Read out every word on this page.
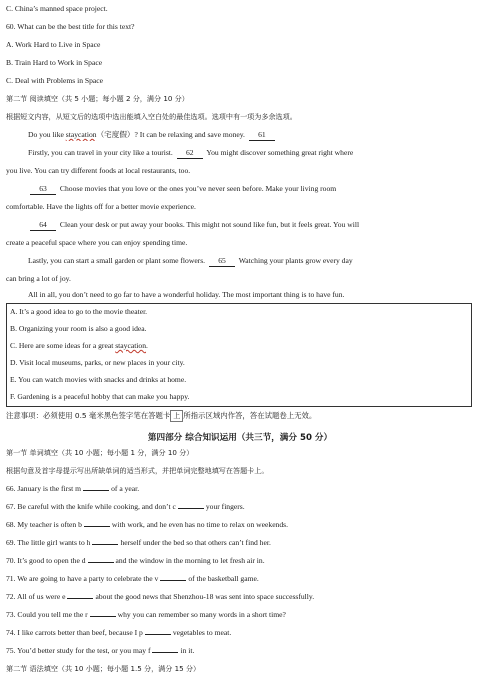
C. China’s manned space project.
60. What can be the best title for this text?
A. Work Hard to Live in Space
B. Train Hard to Work in Space
C. Deal with Problems in Space
第二节 阅读填空（共 5 小题；每小题 2 分，满分 10 分）
根据短文内容，从短文后的选项中选出能填入空白处的最佳选项。选项中有一项为多余选项。
Do you like staycation（宅度假）? It can be relaxing and save money. 61
Firstly, you can travel in your city like a tourist. 62 You might discover something great right where
you live. You can try different foods at local restaurants, too.
63 Choose movies that you love or the ones you’ve never seen before. Make your living room
comfortable. Have the lights off for a better movie experience.
64 Clean your desk or put away your books. This might not sound like fun, but it feels great. You will
create a peaceful space where you can enjoy spending time.
Lastly, you can start a small garden or plant some flowers. 65 Watching your plants grow every day
can bring a lot of joy.
All in all, you don’t need to go far to have a wonderful holiday. The most important thing is to have fun.
A. It’s a good idea to go to the movie theater.
B. Organizing your room is also a good idea.
C. Here are some ideas for a great staycation.
D. Visit local museums, parks, or new places in your city.
E. You can watch movies with snacks and drinks at home.
F. Gardening is a peaceful hobby that can make you happy.
注意事项：必须使用 0.5 毫米黑色签字笔在答题卡 上 所指示区域内作答，答在试题卷上无效。
第四部分 综合知识运用（共三节，满分 50 分）
第一节 单词填空（共 10 小题；每小题 1 分，满分 10 分）
根据句意及首字母提示写出所缺单词的适当形式，并把单词完整地填写在答题卡上。
66. January is the first m	of a year.
67. Be careful with the knife while cooking, and don’t c	your fingers.
68. My teacher is often b	with work, and he even has no time to relax on weekends.
69. The little girl wants to h	herself under the bed so that others can’t find her.
70. It’s good to open the d	and the window in the morning to let fresh air in.
71. We are going to have a party to celebrate the v	of the basketball game.
72. All of us were e	about the good news that Shenzhou-18 was sent into space successfully.
73. Could you tell me the r	why you can remember so many words in a short time?
74. I like carrots better than beef, because I p	vegetables to meat.
75. You’d better study for the test, or you may f	in it.
第二节 语法填空（共 10 小题；每小题 1.5 分，满分 15 分）
